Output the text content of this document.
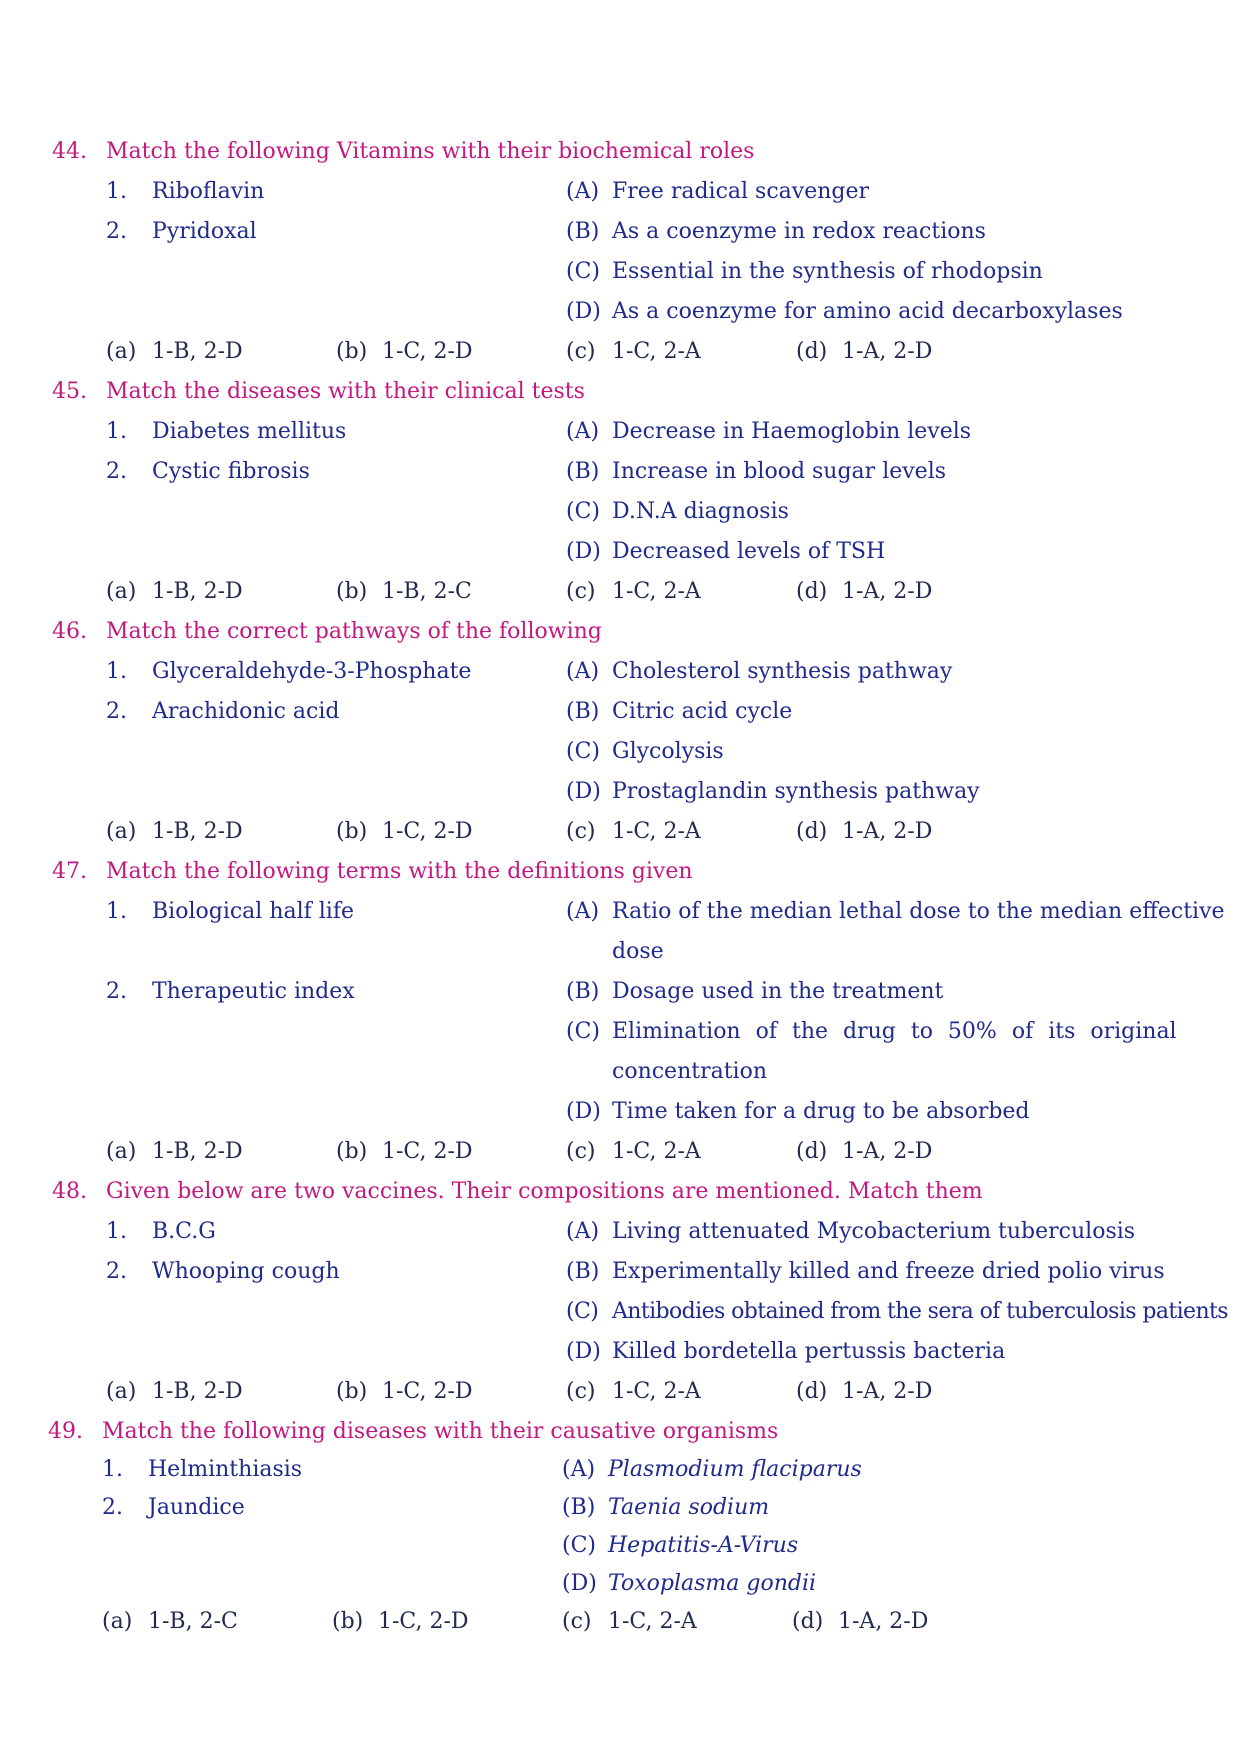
44. Match the following Vitamins with their biochemical roles
1. Riboflavin	(A) Free radical scavenger
2. Pyridoxal	(B) As a coenzyme in redox reactions
(C) Essential in the synthesis of rhodopsin
(D) As a coenzyme for amino acid decarboxylases
(a) 1-B, 2-D	(b) 1-C, 2-D	(c) 1-C, 2-A	(d) 1-A, 2-D
45. Match the diseases with their clinical tests
1. Diabetes mellitus	(A) Decrease in Haemoglobin levels
2. Cystic fibrosis	(B) Increase in blood sugar levels
(C) D.N.A diagnosis
(D) Decreased levels of TSH
(a) 1-B, 2-D	(b) 1-B, 2-C	(c) 1-C, 2-A	(d) 1-A, 2-D
46. Match the correct pathways of the following
1. Glyceraldehyde-3-Phosphate	(A) Cholesterol synthesis pathway
2. Arachidonic acid	(B) Citric acid cycle
(C) Glycolysis
(D) Prostaglandin synthesis pathway
(a) 1-B, 2-D	(b) 1-C, 2-D	(c) 1-C, 2-A	(d) 1-A, 2-D
47. Match the following terms with the definitions given
1. Biological half life	(A) Ratio of the median lethal dose to the median effective
dose
2. Therapeutic index	(B) Dosage used in the treatment
(C) Elimination of the drug to 50% of its original
concentration
(D) Time taken for a drug to be absorbed
(a) 1-B, 2-D	(b) 1-C, 2-D	(c) 1-C, 2-A	(d) 1-A, 2-D
48. Given below are two vaccines. Their compositions are mentioned. Match them
1. B.C.G	(A) Living attenuated Mycobacterium tuberculosis
2. Whooping cough	(B) Experimentally killed and freeze dried polio virus
(C) Antibodies obtained from the sera of tuberculosis patients
(D) Killed bordetella pertussis bacteria
(a) 1-B, 2-D	(b) 1-C, 2-D	(c) 1-C, 2-A	(d) 1-A, 2-D
49. Match the following diseases with their causative organisms
1. Helminthiasis	(A) Plasmodium flaciparus
2. Jaundice	(B) Taenia sodium
(C) Hepatitis-A-Virus
(D) Toxoplasma gondii
(a) 1-B, 2-C	(b) 1-C, 2-D	(c) 1-C, 2-A	(d) 1-A, 2-D
